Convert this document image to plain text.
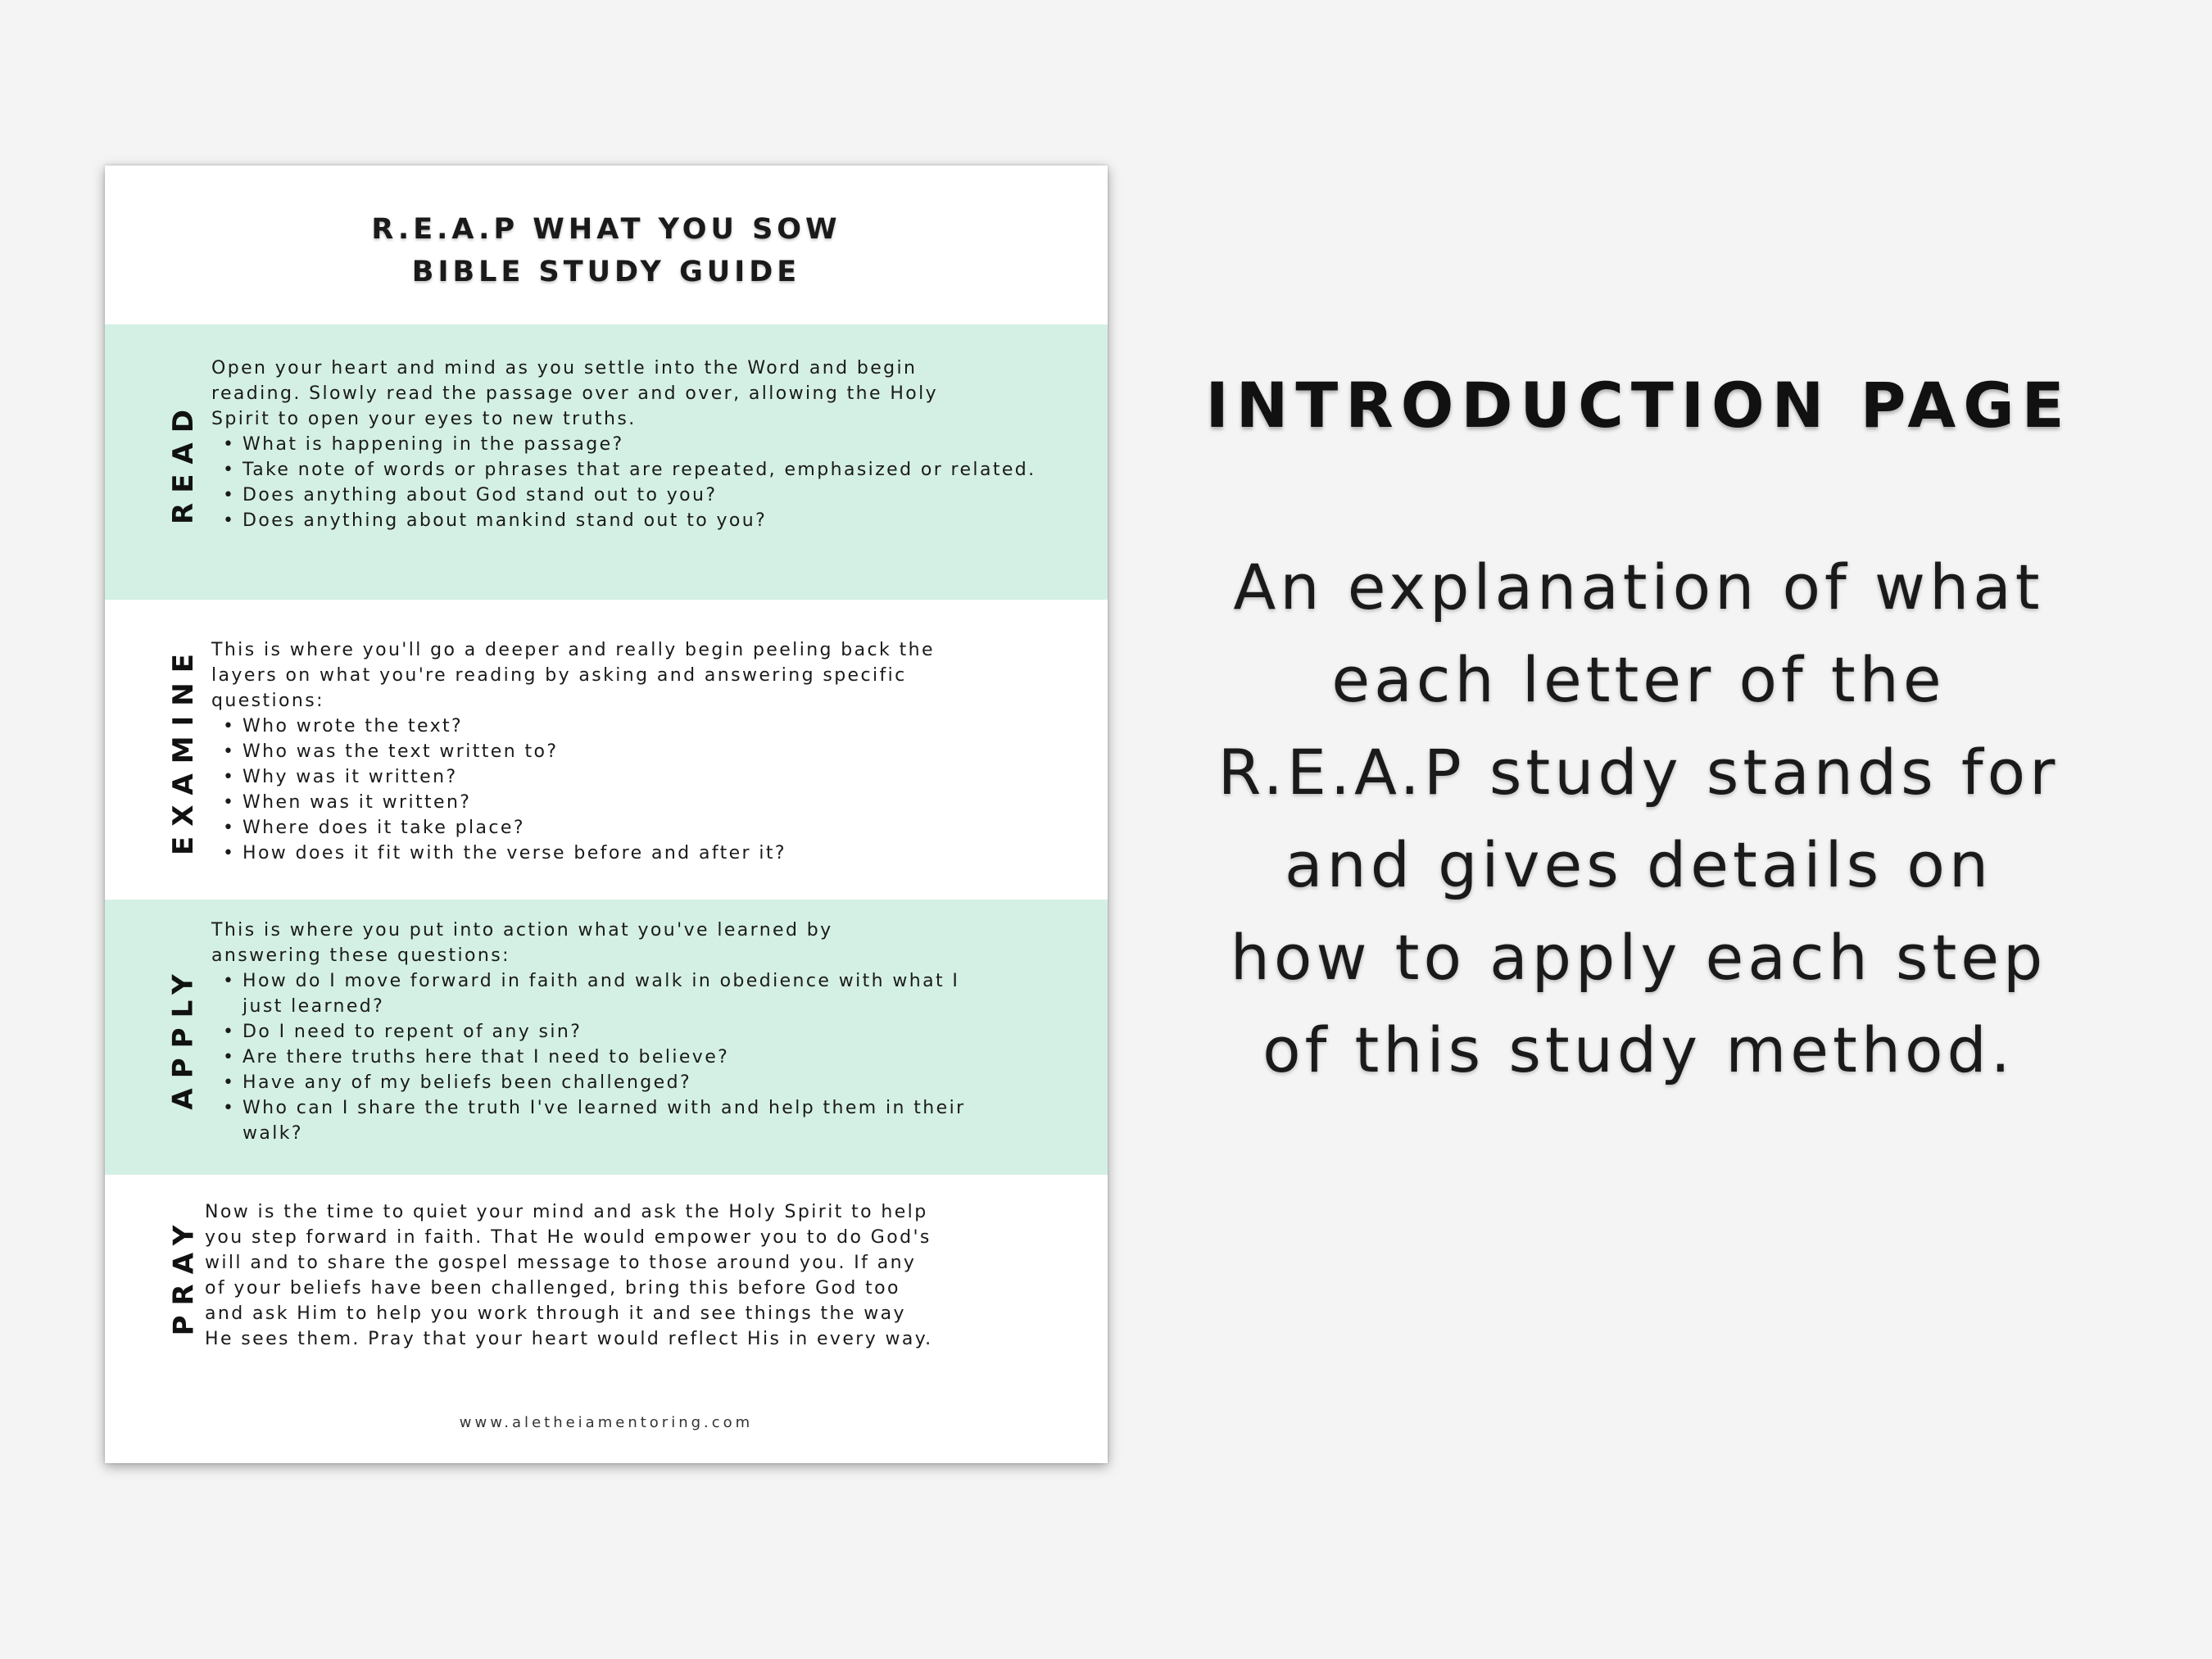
R.E.A.P WHAT YOU SOW
BIBLE STUDY GUIDE
READ

Open your heart and mind as you settle into the Word and begin

reading. Slowly read the passage over and over, allowing the Holy

Spirit to open your eyes to new truths.

• What is happening in the passage?
• Take note of words or phrases that are repeated, emphasized or related.
• Does anything about God stand out to you?
• Does anything about mankind stand out to you?
EXAMINE This is where you'll go a deeper and really begin peeling back the

layers on what you're reading by asking and answering specific

questions:

• Who wrote the text?
• Who was the text written to?
• Why was it written?
• When was it written?
• Where does it take place?
• How does it fit with the verse before and after it?
APPLY

This is where you put into action what you've learned by

answering these questions:

• How do I move forward in faith and walk in obedience with what I just learned?
• Do I need to repent of any sin?
• Are there truths here that I need to believe?
• Have any of my beliefs been challenged?
• Who can I share the truth I've learned with and help them in their walk?
PRAY

Now is the time to quiet your mind and ask the Holy Spirit to help

you step forward in faith. That He would empower you to do God's

will and to share the gospel message to those around you. If any

of your beliefs have been challenged, bring this before God too

and ask Him to help you work through it and see things the way

He sees them. Pray that your heart would reflect His in every way.

www.aletheiamentoring.com
INTRODUCTION PAGE
An explanation of what
each letter of the
R.E.A.P study stands for
and gives details on
how to apply each step
of this study method.
